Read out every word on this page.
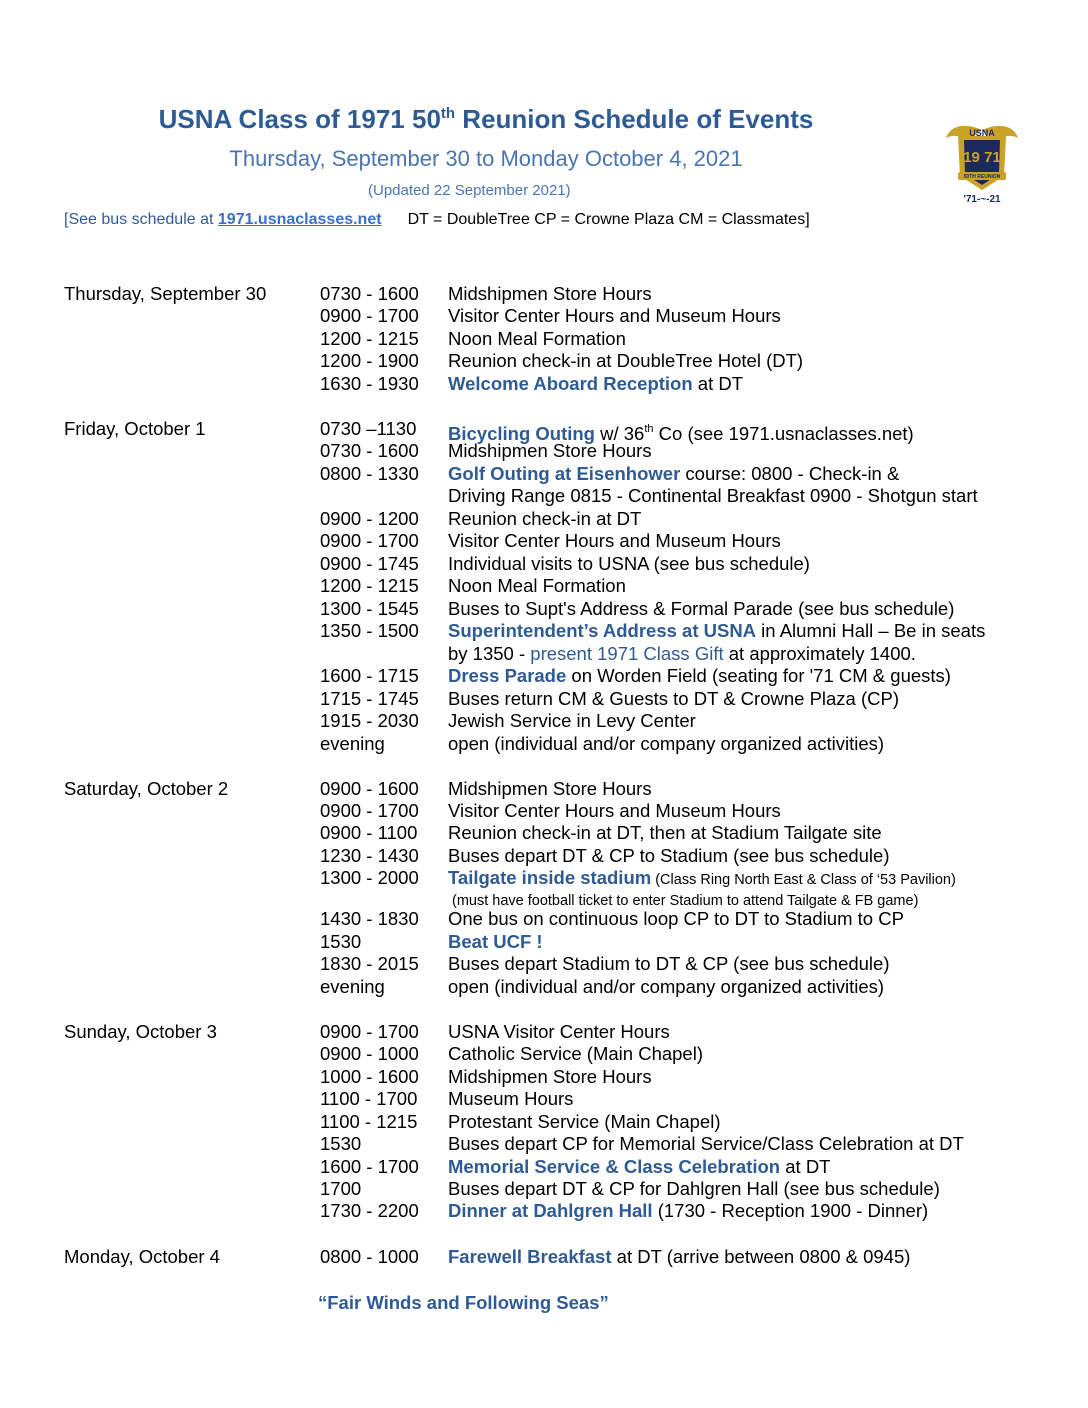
USNA Class of 1971 50th Reunion Schedule of Events
Thursday, September 30 to Monday October 4, 2021
(Updated 22 September 2021)
[See bus schedule at 1971.usnaclasses.net DT = DoubleTree CP = Crowne Plaza CM = Classmates]
USNA
19 71
50TH REUNION
'71-~-21
Thursday, September 30	0730 - 1600 Midshipmen Store Hours
0900 - 1700 Visitor Center Hours and Museum Hours
1200 - 1215 Noon Meal Formation
1200 - 1900 Reunion check-in at DoubleTree Hotel (DT)
1630 - 1930 Welcome Aboard Reception at DT
Friday, October 1	0730 –1130 Bicycling Outing w/ 36th Co (see 1971.usnaclasses.net)
0730 - 1600 Midshipmen Store Hours
0800 - 1330 Golf Outing at Eisenhower course: 0800 - Check-in &
Driving Range 0815 - Continental Breakfast 0900 - Shotgun start
0900 - 1200 Reunion check-in at DT
0900 - 1700 Visitor Center Hours and Museum Hours
0900 - 1745 Individual visits to USNA (see bus schedule)
1200 - 1215 Noon Meal Formation
1300 - 1545 Buses to Supt's Address & Formal Parade (see bus schedule)
1350 - 1500 Superintendent’s Address at USNA in Alumni Hall – Be in seats
by 1350 - present 1971 Class Gift at approximately 1400.
1600 - 1715 Dress Parade on Worden Field (seating for '71 CM & guests)
1715 - 1745 Buses return CM & Guests to DT & Crowne Plaza (CP)
1915 - 2030 Jewish Service in Levy Center
evening	open (individual and/or company organized activities)
Saturday, October 2	0900 - 1600 Midshipmen Store Hours
0900 - 1700 Visitor Center Hours and Museum Hours
0900 - 1100 Reunion check-in at DT, then at Stadium Tailgate site
1230 - 1430 Buses depart DT & CP to Stadium (see bus schedule)
1300 - 2000 Tailgate inside stadium (Class Ring North East & Class of ‘53 Pavilion)
(must have football ticket to enter Stadium to attend Tailgate & FB game)
1430 - 1830 One bus on continuous loop CP to DT to Stadium to CP
1530	Beat UCF !
1830 - 2015 Buses depart Stadium to DT & CP (see bus schedule)
evening	open (individual and/or company organized activities)
Sunday, October 3	0900 - 1700 USNA Visitor Center Hours
0900 - 1000 Catholic Service (Main Chapel)
1000 - 1600 Midshipmen Store Hours
1100 - 1700 Museum Hours
1100 - 1215 Protestant Service (Main Chapel)
1530	Buses depart CP for Memorial Service/Class Celebration at DT
1600 - 1700 Memorial Service & Class Celebration at DT
1700	Buses depart DT & CP for Dahlgren Hall (see bus schedule)
1730 - 2200 Dinner at Dahlgren Hall (1730 - Reception 1900 - Dinner)
Monday, October 4	0800 - 1000 Farewell Breakfast at DT (arrive between 0800 & 0945)
“Fair Winds and Following Seas”
